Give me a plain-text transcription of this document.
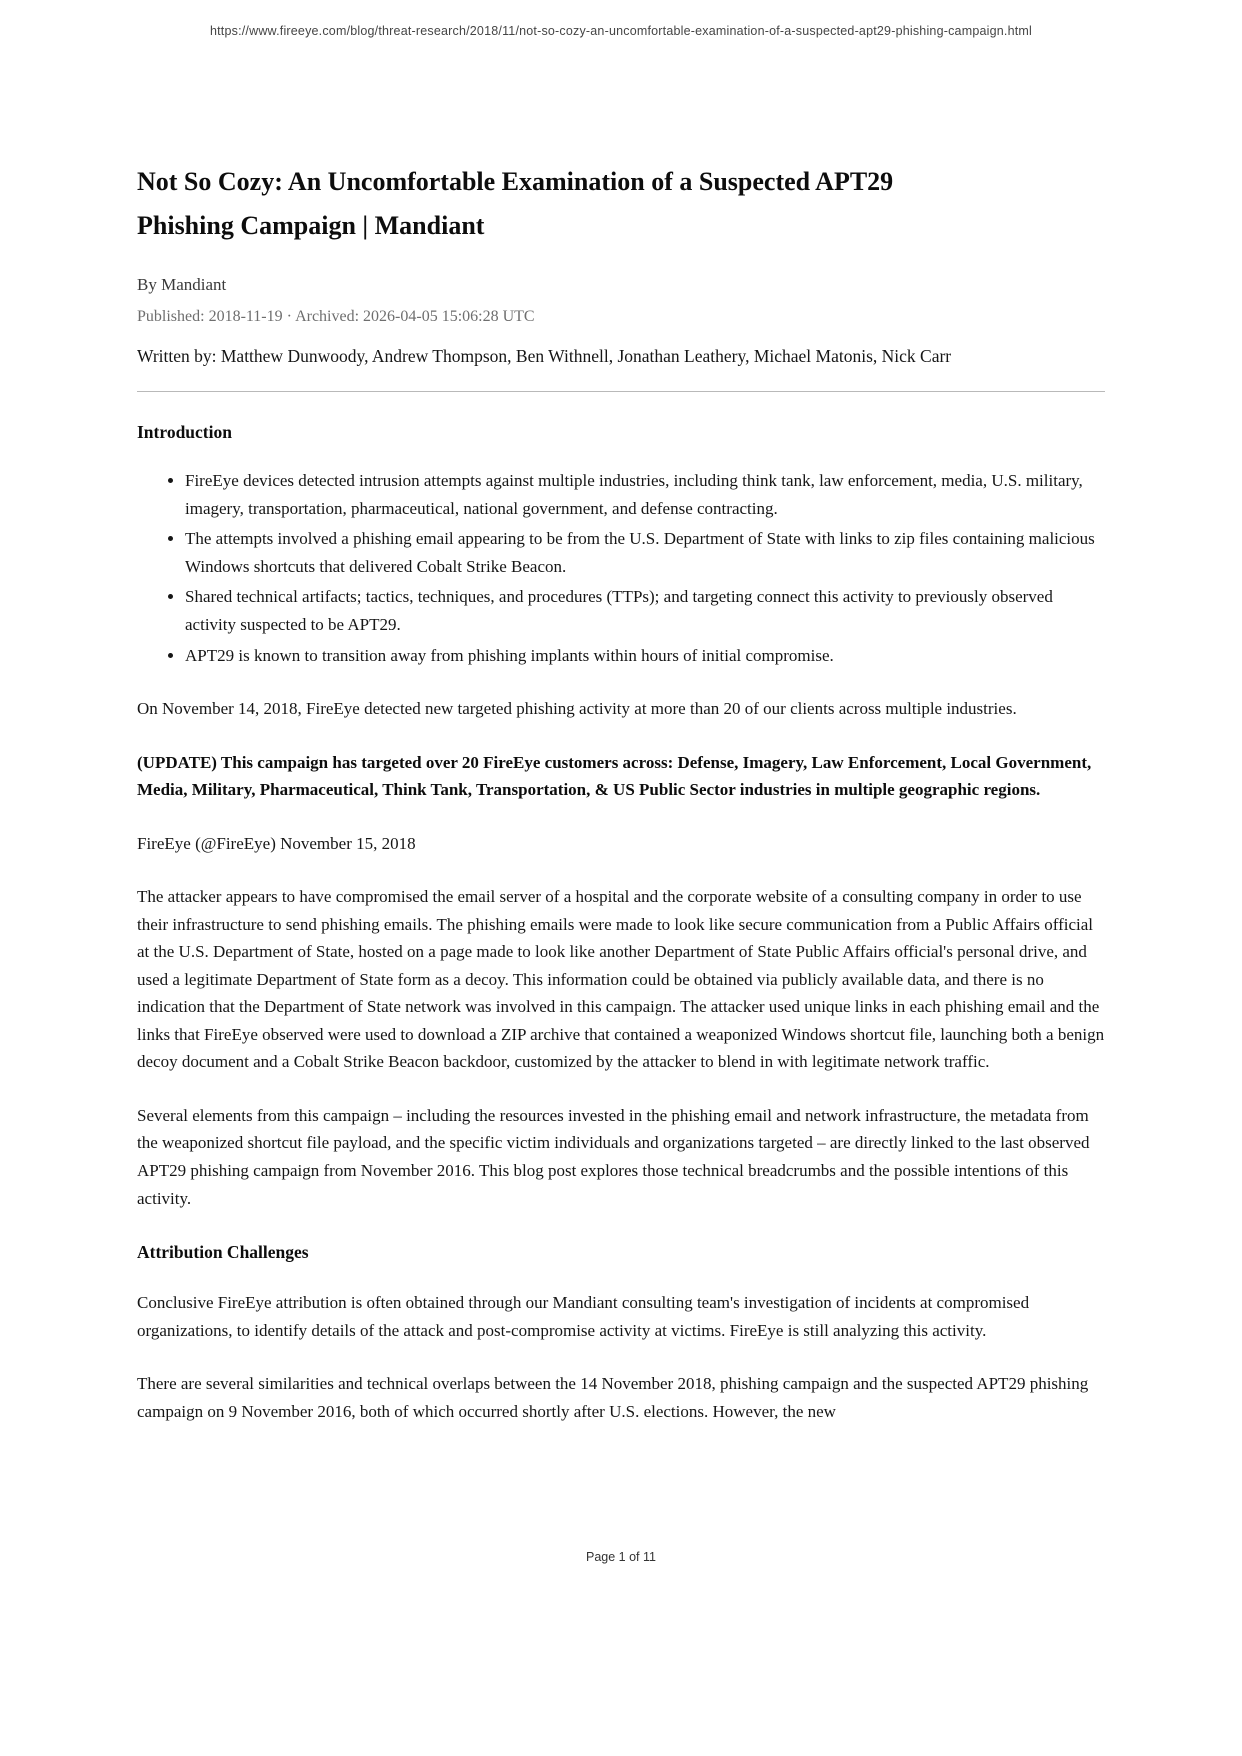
https://www.fireeye.com/blog/threat-research/2018/11/not-so-cozy-an-uncomfortable-examination-of-a-suspected-apt29-phishing-campaign.html
Not So Cozy: An Uncomfortable Examination of a Suspected APT29 Phishing Campaign | Mandiant
By Mandiant
Published: 2018-11-19 · Archived: 2026-04-05 15:06:28 UTC
Written by: Matthew Dunwoody, Andrew Thompson, Ben Withnell, Jonathan Leathery, Michael Matonis, Nick Carr
Introduction
• FireEye devices detected intrusion attempts against multiple industries, including think tank, law enforcement, media, U.S. military, imagery, transportation, pharmaceutical, national government, and defense contracting.
• The attempts involved a phishing email appearing to be from the U.S. Department of State with links to zip files containing malicious Windows shortcuts that delivered Cobalt Strike Beacon.
• Shared technical artifacts; tactics, techniques, and procedures (TTPs); and targeting connect this activity to previously observed activity suspected to be APT29.
• APT29 is known to transition away from phishing implants within hours of initial compromise.

On November 14, 2018, FireEye detected new targeted phishing activity at more than 20 of our clients across multiple industries.

(UPDATE) This campaign has targeted over 20 FireEye customers across: Defense, Imagery, Law Enforcement, Local Government, Media, Military, Pharmaceutical, Think Tank, Transportation, & US Public Sector industries in multiple geographic regions.

FireEye (@FireEye) November 15, 2018

The attacker appears to have compromised the email server of a hospital and the corporate website of a consulting company in order to use their infrastructure to send phishing emails. The phishing emails were made to look like secure communication from a Public Affairs official at the U.S. Department of State, hosted on a page made to look like another Department of State Public Affairs official's personal drive, and used a legitimate Department of State form as a decoy. This information could be obtained via publicly available data, and there is no indication that the Department of State network was involved in this campaign. The attacker used unique links in each phishing email and the links that FireEye observed were used to download a ZIP archive that contained a weaponized Windows shortcut file, launching both a benign decoy document and a Cobalt Strike Beacon backdoor, customized by the attacker to blend in with legitimate network traffic.

Several elements from this campaign – including the resources invested in the phishing email and network infrastructure, the metadata from the weaponized shortcut file payload, and the specific victim individuals and organizations targeted – are directly linked to the last observed APT29 phishing campaign from November 2016. This blog post explores those technical breadcrumbs and the possible intentions of this activity.

Attribution Challenges

Conclusive FireEye attribution is often obtained through our Mandiant consulting team's investigation of incidents at compromised organizations, to identify details of the attack and post-compromise activity at victims. FireEye is still analyzing this activity.

There are several similarities and technical overlaps between the 14 November 2018, phishing campaign and the suspected APT29 phishing campaign on 9 November 2016, both of which occurred shortly after U.S. elections. However, the new

Page 1 of 11
